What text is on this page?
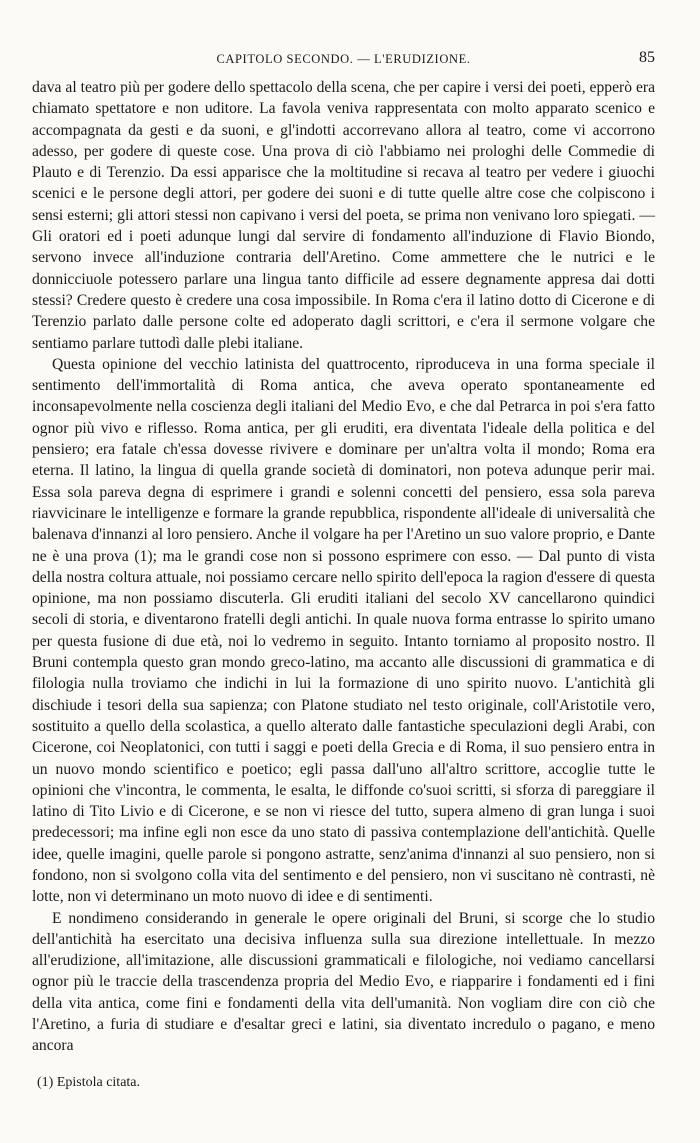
CAPITOLO SECONDO. — L'ERUDIZIONE.	85

dava al teatro più per godere dello spettacolo della scena, che per capire i versi dei poeti, epperò era chiamato spettatore e non uditore. La favola veniva rappresentata con molto apparato scenico e accompagnata da gesti e da suoni, e gl'indotti accorrevano allora al teatro, come vi accorrono adesso, per godere di queste cose. Una prova di ciò l'abbiamo nei prologhi delle Commedie di Plauto e di Terenzio. Da essi apparisce che la moltitudine si recava al teatro per vedere i giuochi scenici e le persone degli attori, per godere dei suoni e di tutte quelle altre cose che colpiscono i sensi esterni; gli attori stessi non capivano i versi del poeta, se prima non venivano loro spiegati. — Gli oratori ed i poeti adunque lungi dal servire di fondamento all'induzione di Flavio Biondo, servono invece all'induzione contraria dell'Aretino. Come ammettere che le nutrici e le donnicciuole potessero parlare una lingua tanto difficile ad essere degnamente appresa dai dotti stessi? Credere questo è credere una cosa impossibile. In Roma c'era il latino dotto di Cicerone e di Terenzio parlato dalle persone colte ed adoperato dagli scrittori, e c'era il sermone volgare che sentiamo parlare tuttodì dalle plebi italiane.

Questa opinione del vecchio latinista del quattrocento, riproduceva in una forma speciale il sentimento dell'immortalità di Roma antica, che aveva operato spontaneamente ed inconsapevolmente nella coscienza degli italiani del Medio Evo, e che dal Petrarca in poi s'era fatto ognor più vivo e riflesso. Roma antica, per gli eruditi, era diventata l'ideale della politica e del pensiero; era fatale ch'essa dovesse rivivere e dominare per un'altra volta il mondo; Roma era eterna. Il latino, la lingua di quella grande società di dominatori, non poteva adunque perir mai. Essa sola pareva degna di esprimere i grandi e solenni concetti del pensiero, essa sola pareva riavvicinare le intelligenze e formare la grande repubblica, rispondente all'ideale di universalità che balenava d'innanzi al loro pensiero. Anche il volgare ha per l'Aretino un suo valore proprio, e Dante ne è una prova (1); ma le grandi cose non si possono esprimere con esso. — Dal punto di vista della nostra coltura attuale, noi possiamo cercare nello spirito dell'epoca la ragion d'essere di questa opinione, ma non possiamo discuterla. Gli eruditi italiani del secolo XV cancellarono quindici secoli di storia, e diventarono fratelli degli antichi. In quale nuova forma entrasse lo spirito umano per questa fusione di due età, noi lo vedremo in seguito. Intanto torniamo al proposito nostro. Il Bruni contempla questo gran mondo greco-latino, ma accanto alle discussioni di grammatica e di filologia nulla troviamo che indichi in lui la formazione di uno spirito nuovo. L'antichità gli dischiude i tesori della sua sapienza; con Platone studiato nel testo originale, coll'Aristotile vero, sostituito a quello della scolastica, a quello alterato dalle fantastiche speculazioni degli Arabi, con Cicerone, coi Neoplatonici, con tutti i saggi e poeti della Grecia e di Roma, il suo pensiero entra in un nuovo mondo scientifico e poetico; egli passa dall'uno all'altro scrittore, accoglie tutte le opinioni che v'incontra, le commenta, le esalta, le diffonde co'suoi scritti, si sforza di pareggiare il latino di Tito Livio e di Cicerone, e se non vi riesce del tutto, supera almeno di gran lunga i suoi predecessori; ma infine egli non esce da uno stato di passiva contemplazione dell'antichità. Quelle idee, quelle imagini, quelle parole si pongono astratte, senz'anima d'innanzi al suo pensiero, non si fondono, non si svolgono colla vita del sentimento e del pensiero, non vi suscitano nè contrasti, nè lotte, non vi determinano un moto nuovo di idee e di sentimenti.

E nondimeno considerando in generale le opere originali del Bruni, si scorge che lo studio dell'antichità ha esercitato una decisiva influenza sulla sua direzione intellettuale. In mezzo all'erudizione, all'imitazione, alle discussioni grammaticali e filologiche, noi vediamo cancellarsi ognor più le traccie della trascendenza propria del Medio Evo, e riapparire i fondamenti ed i fini della vita antica, come fini e fondamenti della vita dell'umanità. Non vogliam dire con ciò che l'Aretino, a furia di studiare e d'esaltar greci e latini, sia diventato incredulo o pagano, e meno ancora

(1) Epistola citata.
